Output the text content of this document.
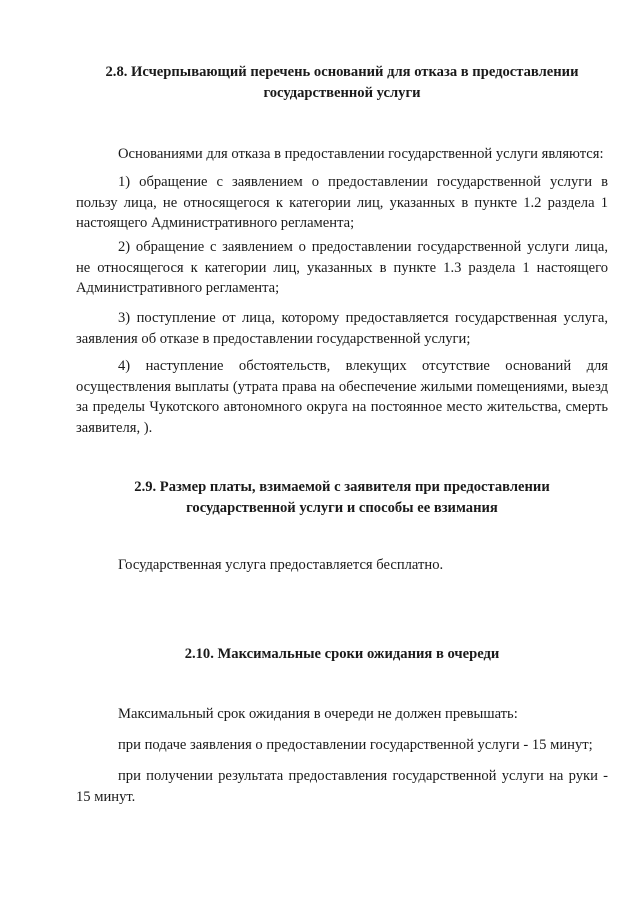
2.8. Исчерпывающий перечень оснований для отказа в предоставлении
государственной услуги

Основаниями для отказа в предоставлении государственной услуги являются:

1) обращение с заявлением о предоставлении государственной услуги в пользу лица, не относящегося к категории лиц, указанных в пункте 1.2 раздела 1 настоящего Административного регламента;

2) обращение с заявлением о предоставлении государственной услуги лица, не относящегося к категории лиц, указанных в пункте 1.3 раздела 1 настоящего Административного регламента;

3) поступление от лица, которому предоставляется государственная услуга, заявления об отказе в предоставлении государственной услуги;

4) наступление обстоятельств, влекущих отсутствие оснований для осуществления выплаты (утрата права на обеспечение жилыми помещениями, выезд за пределы Чукотского автономного округа на постоянное место жительства, смерть заявителя, ).

2.9. Размер платы, взимаемой с заявителя при предоставлении
государственной услуги и способы ее взимания

Государственная услуга предоставляется бесплатно.

2.10. Максимальные сроки ожидания в очереди

Максимальный срок ожидания в очереди не должен превышать:

при подаче заявления о предоставлении государственной услуги - 15 минут;

при получении результата предоставления государственной услуги на руки - 15 минут.
